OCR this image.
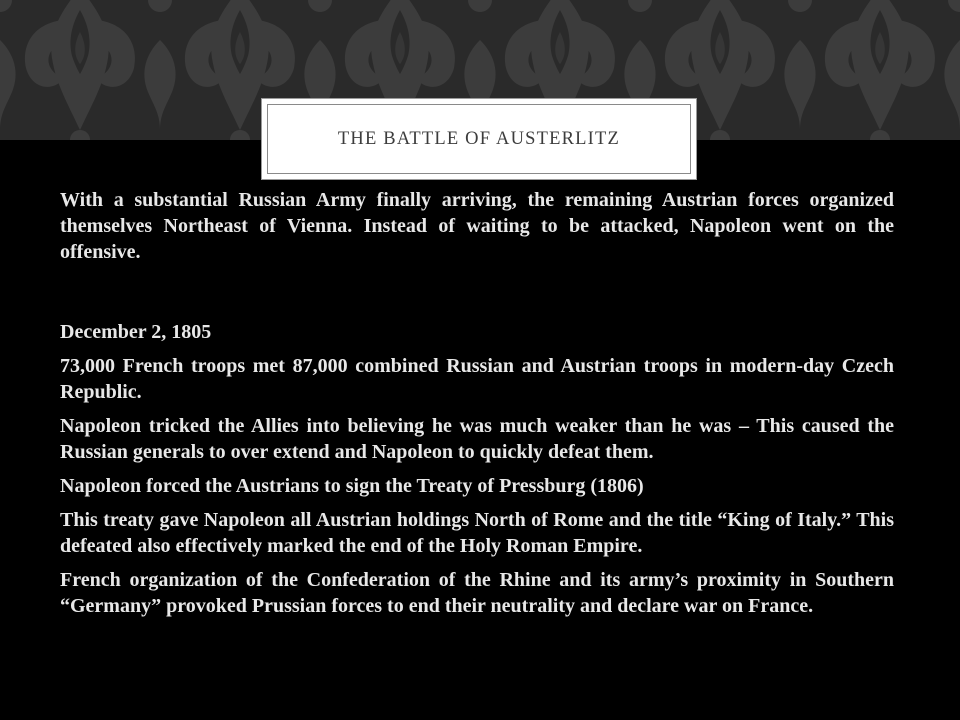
THE BATTLE OF AUSTERLITZ

With a substantial Russian Army finally arriving, the remaining Austrian forces organized themselves Northeast of Vienna. Instead of waiting to be attacked, Napoleon went on the offensive.

December 2, 1805

73,000 French troops met 87,000 combined Russian and Austrian troops in modern-day Czech Republic.

Napoleon tricked the Allies into believing he was much weaker than he was – This caused the Russian generals to over extend and Napoleon to quickly defeat them.

Napoleon forced the Austrians to sign the Treaty of Pressburg (1806)

This treaty gave Napoleon all Austrian holdings North of Rome and the title “King of Italy.” This defeated also effectively marked the end of the Holy Roman Empire.

French organization of the Confederation of the Rhine and its army’s proximity in Southern “Germany” provoked Prussian forces to end their neutrality and declare war on France.
